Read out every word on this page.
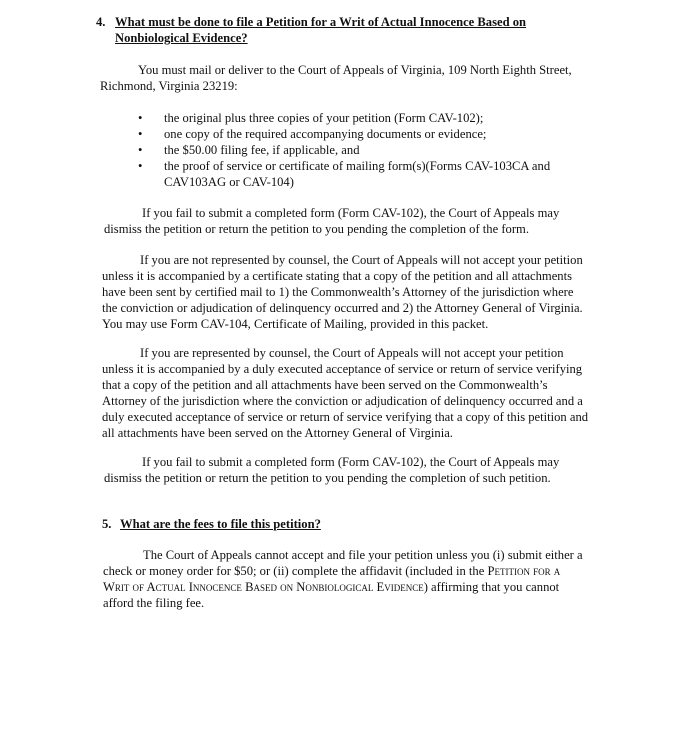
4. What must be done to file a Petition for a Writ of Actual Innocence Based on
Nonbiological Evidence?

You must mail or deliver to the Court of Appeals of Virginia, 109 North Eighth Street,

Richmond, Virginia 23219:

• the original plus three copies of your petition (Form CAV-102);
• one copy of the required accompanying documents or evidence;
• the $50.00 filing fee, if applicable, and
• the proof of service or certificate of mailing form(s)(Forms CAV-103CA and CAV103AG or CAV-104)

If you fail to submit a completed form (Form CAV-102), the Court of Appeals may

dismiss the petition or return the petition to you pending the completion of the form.

If you are not represented by counsel, the Court of Appeals will not accept your petition

unless it is accompanied by a certificate stating that a copy of the petition and all attachments

have been sent by certified mail to 1) the Commonwealth’s Attorney of the jurisdiction where

the conviction or adjudication of delinquency occurred and 2) the Attorney General of Virginia.

You may use Form CAV-104, Certificate of Mailing, provided in this packet.

If you are represented by counsel, the Court of Appeals will not accept your petition

unless it is accompanied by a duly executed acceptance of service or return of service verifying

that a copy of the petition and all attachments have been served on the Commonwealth’s

Attorney of the jurisdiction where the conviction or adjudication of delinquency occurred and a

duly executed acceptance of service or return of service verifying that a copy of this petition and

all attachments have been served on the Attorney General of Virginia.

If you fail to submit a completed form (Form CAV-102), the Court of Appeals may

dismiss the petition or return the petition to you pending the completion of such petition.

5. What are the fees to file this petition?

The Court of Appeals cannot accept and file your petition unless you (i) submit either a

check or money order for $50; or (ii) complete the affidavit (included in the Petition for a

Writ of Actual Innocence Based on Nonbiological Evidence) affirming that you cannot

afford the filing fee.
